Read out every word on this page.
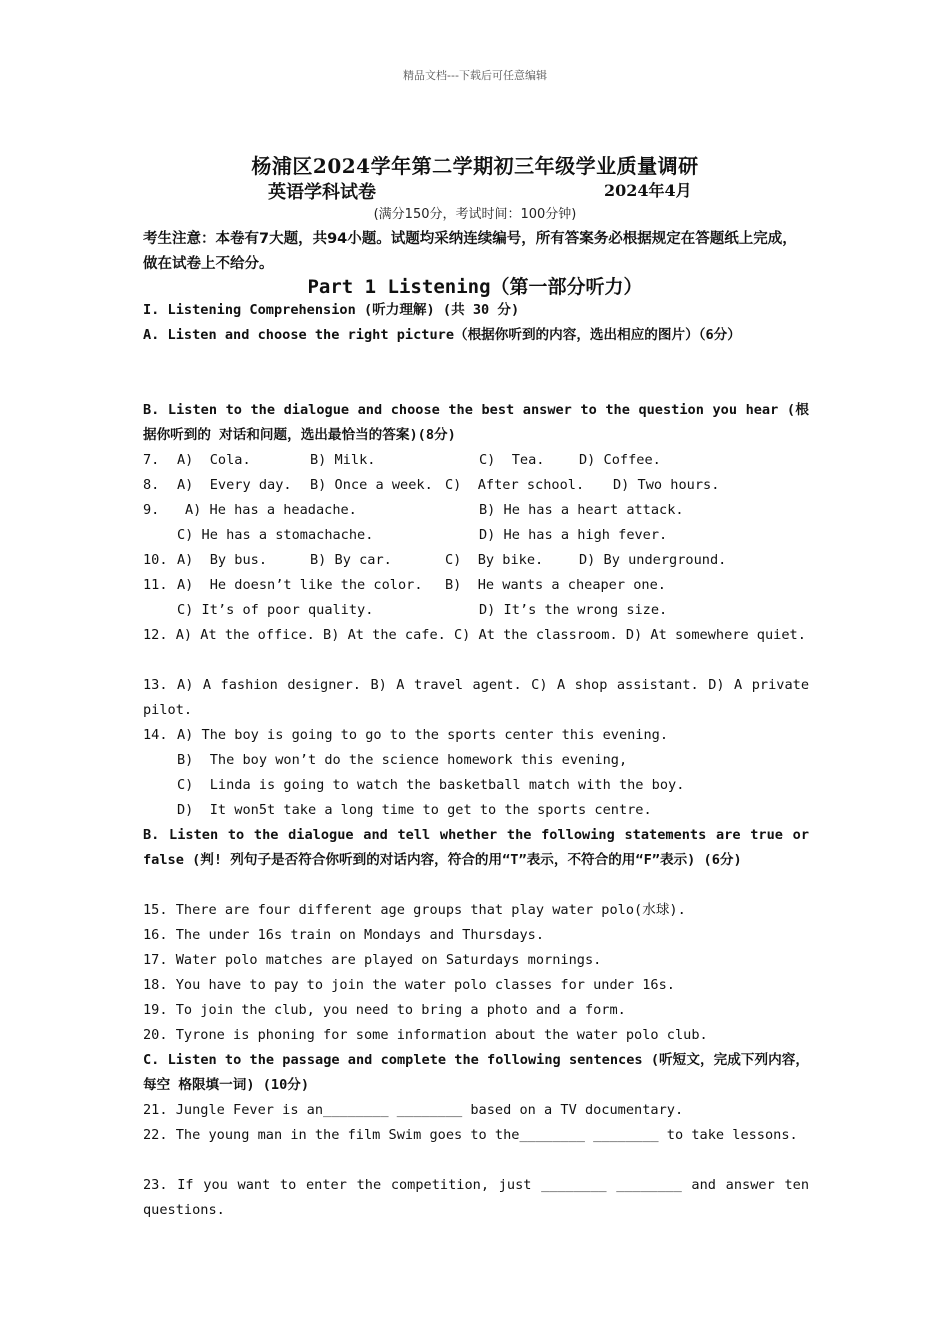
精品文档---下载后可任意编辑
杨浦区2024学年第二学期初三年级学业质量调研
英语学科试卷	2024年4月
(满分150分，考试时间：100分钟)
考生注意：本卷有7大题，共94小题。试题均采纳连续编号，所有答案务必根据规定在答题纸上完成，做在试卷上不给分。
Part 1 Listening（第一部分听力）
I. Listening Comprehension (听力理解) (共 30 分)
A. Listen and choose the right picture（根据你听到的内容，选出相应的图片）（6分）
B. Listen to the dialogue and choose the best answer to the question you hear (根据你听到的 对话和问题，选出最恰当的答案)(8分)

7.

A)  Cola.

	B) Milk.

	C)  Tea.

	D) Coffee.

8.

A)  Every day.

B) Once a week.

C)  After school.

D) Two hours.

9.

A) He has a headache.

	B) He has a heart attack.

C) He has a stomachache.

	D) He has a high fever.

10.

A)  By bus.

	B) By car.

	C)  By bike.

	D) By underground.

11.

A)  He doesn’t like the color.

B)  He wants a cheaper one.

C) It’s of poor quality.

	D) It’s the wrong size.

12. A) At the office. B) At the cafe. C) At the classroom. D) At somewhere quiet.
13. A) A fashion designer. B) A travel agent. C) A shop assistant. D) A private pilot.

14.

A) The boy is going to go to the sports center this evening.

B)  The boy won’t do the science homework this evening,

C)  Linda is going to watch the basketball match with the boy.

D)  It won5t take a long time to get to the sports centre.

B. Listen to the dialogue and tell whether the following statements are true or false (判! 列句子是否符合你听到的对话内容，符合的用“T”表示，不符合的用“F”表示) (6分)
15. There are four different age groups that play water polo(水球).
16. The under 16s train on Mondays and Thursdays.
17. Water polo matches are played on Saturdays mornings.
18. You have to pay to join the water polo classes for under 16s.
19. To join the club, you need to bring a photo and a form.
20. Tyrone is phoning for some information about the water polo club.
C. Listen to the passage and complete the following sentences (听短文，完成下列内容，每空 格限填一词) (10分)
21. Jungle Fever is an________ ________ based on a TV documentary.
22. The young man in the film Swim goes to the________ ________ to take lessons.
23. If you want to enter the competition, just ________ ________ and answer ten questions.
